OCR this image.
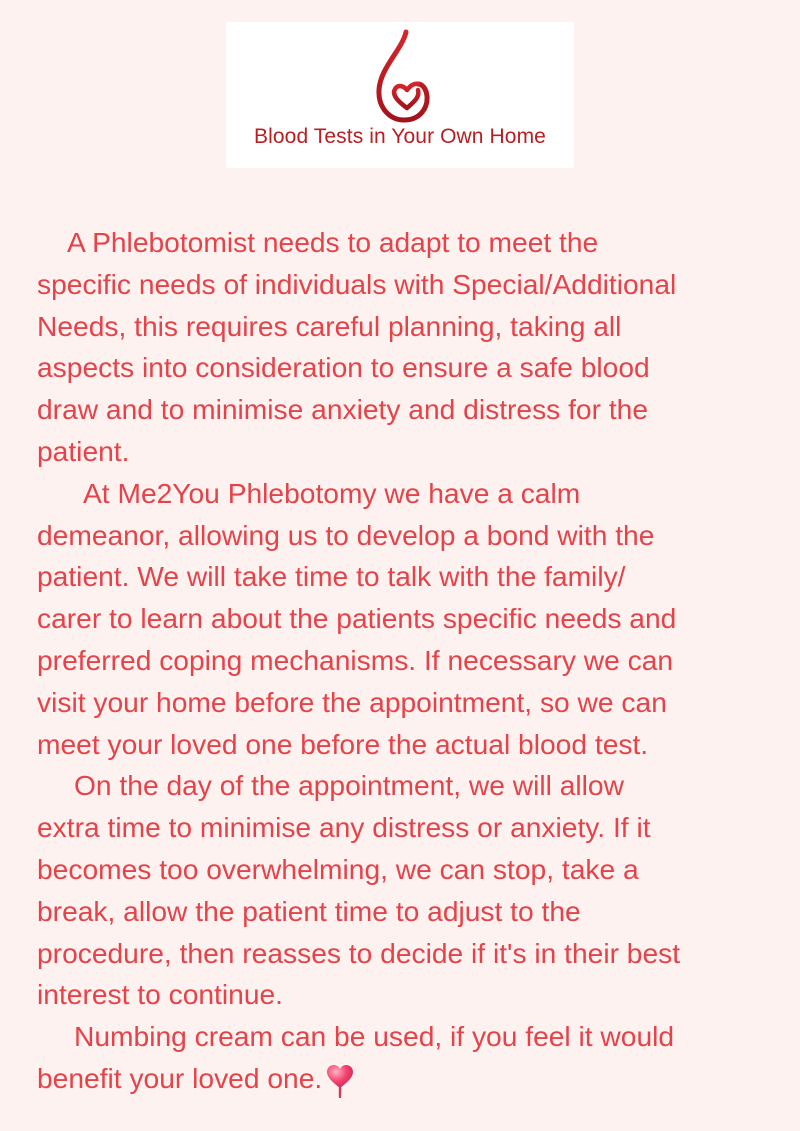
Blood Tests in Your Own Home

A Phlebotomist needs to adapt to meet the
specific needs of individuals with Special/Additional
Needs, this requires careful planning, taking all
aspects into consideration to ensure a safe blood
draw and to minimise anxiety and distress for the
patient.

At Me2You Phlebotomy we have a calm
demeanor, allowing us to develop a bond with the
patient. We will take time to talk with the family/
carer to learn about the patients specific needs and
preferred coping mechanisms. If necessary we can
visit your home before the appointment, so we can
meet your loved one before the actual blood test.

On the day of the appointment, we will allow
extra time to minimise any distress or anxiety. If it
becomes too overwhelming, we can stop, take a
break, allow the patient time to adjust to the
procedure, then reasses to decide if it's in their best
interest to continue.

Numbing cream can be used, if you feel it would
benefit your loved one.
